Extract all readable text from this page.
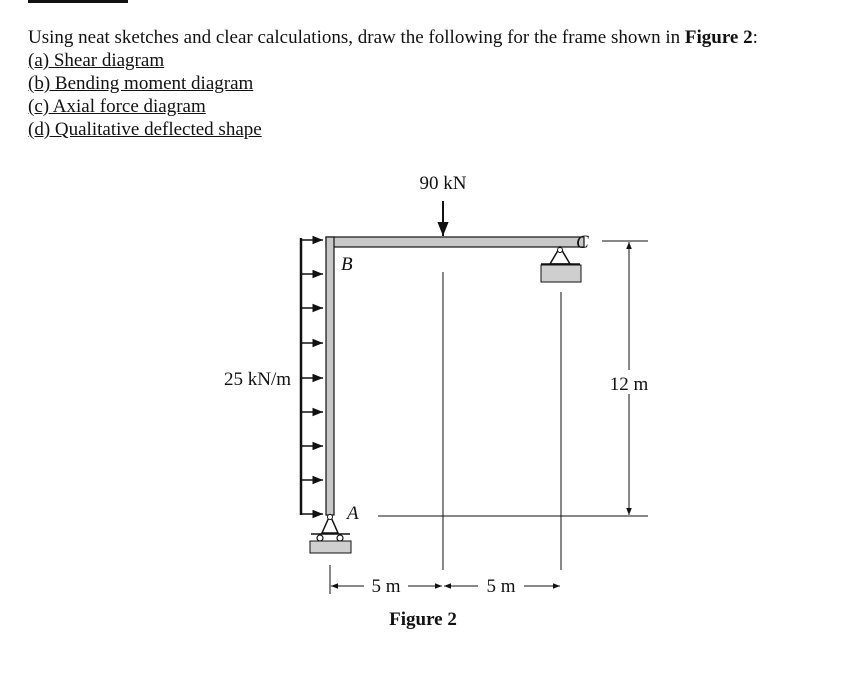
Using neat sketches and clear calculations, draw the following for the frame shown in Figure 2:
(a) Shear diagram
(b) Bending moment diagram
(c) Axial force diagram
(d) Qualitative deflected shape
90 kN
25 kN/m
B
A
C
12 m
5 m	5 m
Figure 2
